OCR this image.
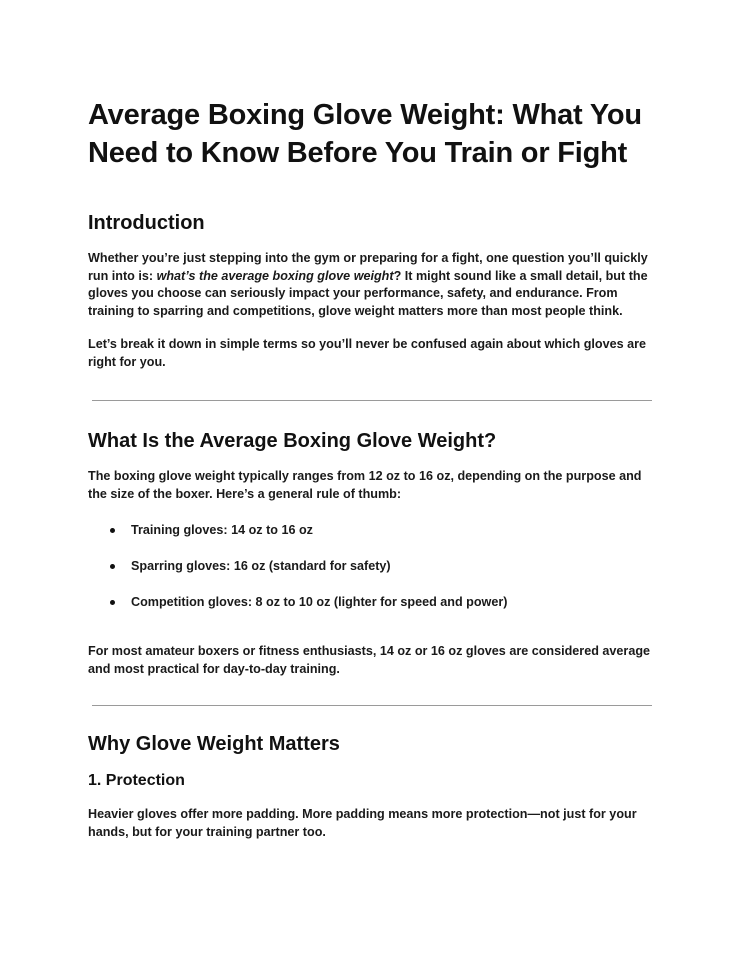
Average Boxing Glove Weight: What You Need to Know Before You Train or Fight
Introduction

Whether you’re just stepping into the gym or preparing for a fight, one question you’ll quickly run into is: what’s the average boxing glove weight? It might sound like a small detail, but the gloves you choose can seriously impact your performance, safety, and endurance. From training to sparring and competitions, glove weight matters more than most people think.

Let’s break it down in simple terms so you’ll never be confused again about which gloves are right for you.

What Is the Average Boxing Glove Weight?

The boxing glove weight typically ranges from 12 oz to 16 oz, depending on the purpose and the size of the boxer. Here’s a general rule of thumb:

Training gloves: 14 oz to 16 oz
Sparring gloves: 16 oz (standard for safety)
Competition gloves: 8 oz to 10 oz (lighter for speed and power)

For most amateur boxers or fitness enthusiasts, 14 oz or 16 oz gloves are considered average and most practical for day-to-day training.

Why Glove Weight Matters
1. Protection

Heavier gloves offer more padding. More padding means more protection—not just for your hands, but for your training partner too.
